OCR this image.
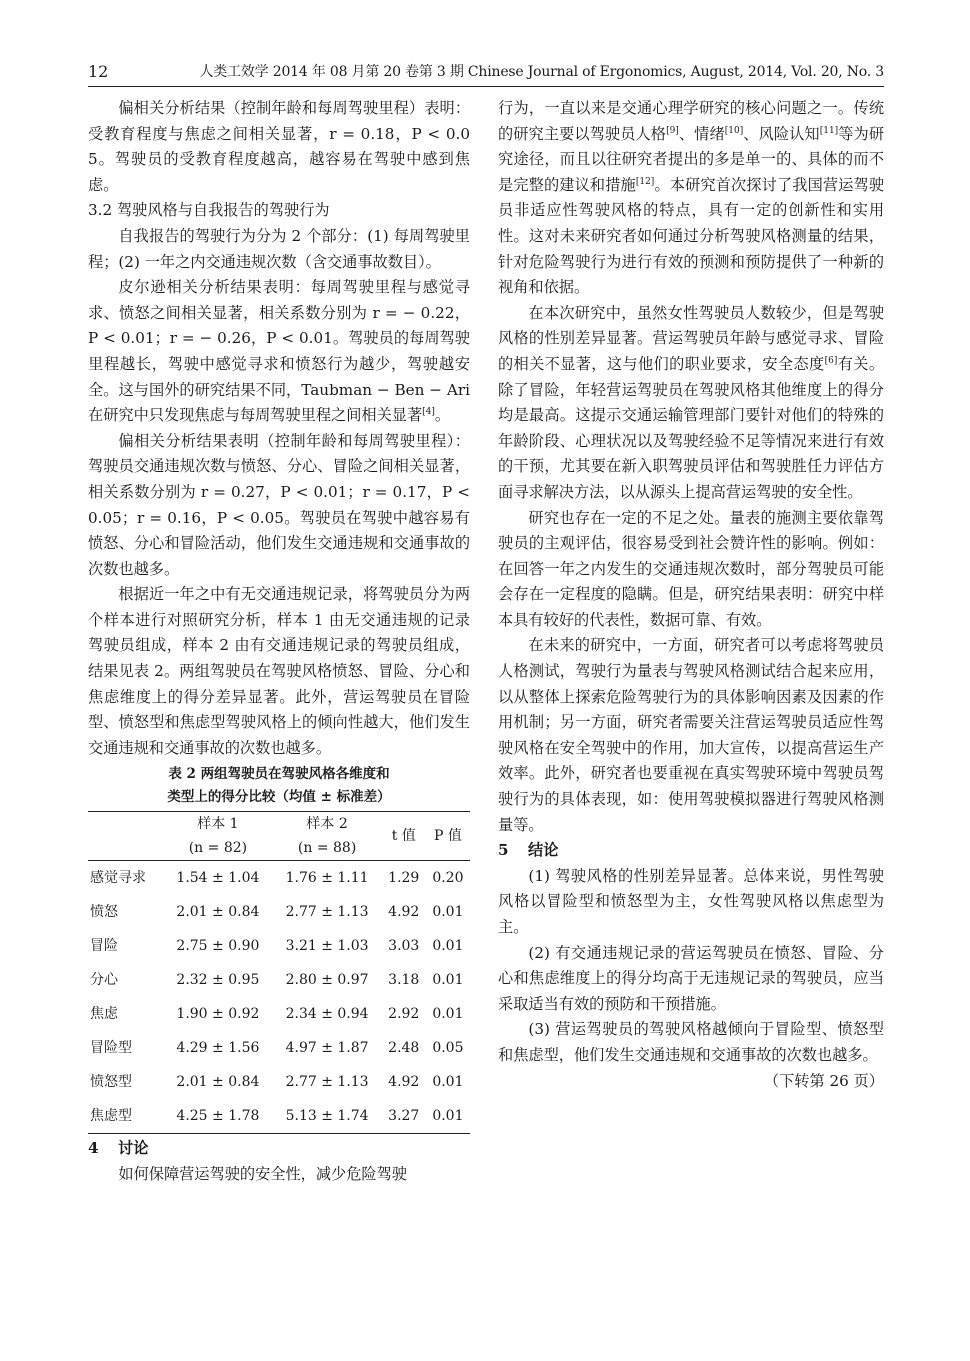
12	人类工效学 2014 年 08 月第 20 卷第 3 期 Chinese Journal of Ergonomics, August, 2014, Vol. 20, No. 3

偏相关分析结果（控制年龄和每周驾驶里程）表明：受教育程度与焦虑之间相关显著，r = 0.18，P < 0.05。驾驶员的受教育程度越高，越容易在驾驶中感到焦虑。

3.2 驾驶风格与自我报告的驾驶行为

自我报告的驾驶行为分为 2 个部分：(1) 每周驾驶里程；(2) 一年之内交通违规次数（含交通事故数目）。

皮尔逊相关分析结果表明：每周驾驶里程与感觉寻求、愤怒之间相关显著，相关系数分别为 r = − 0.22，P < 0.01；r = − 0.26，P < 0.01。驾驶员的每周驾驶里程越长，驾驶中感觉寻求和愤怒行为越少，驾驶越安全。这与国外的研究结果不同，Taubman − Ben − Ari 在研究中只发现焦虑与每周驾驶里程之间相关显著[4]。

偏相关分析结果表明（控制年龄和每周驾驶里程）：驾驶员交通违规次数与愤怒、分心、冒险之间相关显著，相关系数分别为 r = 0.27，P < 0.01；r = 0.17，P < 0.05；r = 0.16，P < 0.05。驾驶员在驾驶中越容易有愤怒、分心和冒险活动，他们发生交通违规和交通事故的次数也越多。

根据近一年之中有无交通违规记录，将驾驶员分为两个样本进行对照研究分析，样本 1 由无交通违规的记录驾驶员组成，样本 2 由有交通违规记录的驾驶员组成，结果见表 2。两组驾驶员在驾驶风格愤怒、冒险、分心和焦虑维度上的得分差异显著。此外，营运驾驶员在冒险型、愤怒型和焦虑型驾驶风格上的倾向性越大，他们发生交通违规和交通事故的次数也越多。

表 2 两组驾驶员在驾驶风格各维度和
类型上的得分比较（均值 ± 标准差）
	样本 1	样本 2	t 值	P 值
	(n = 82)	(n = 88)		
感觉寻求	1.54 ± 1.04	1.76 ± 1.11	1.29	0.20
愤怒	2.01 ± 0.84	2.77 ± 1.13	4.92	0.01
冒险	2.75 ± 0.90	3.21 ± 1.03	3.03	0.01
分心	2.32 ± 0.95	2.80 ± 0.97	3.18	0.01
焦虑	1.90 ± 0.92	2.34 ± 0.94	2.92	0.01
冒险型	4.29 ± 1.56	4.97 ± 1.87	2.48	0.05
愤怒型	2.01 ± 0.84	2.77 ± 1.13	4.92	0.01
焦虑型	4.25 ± 1.78	5.13 ± 1.74	3.27	0.01
4 讨论

如何保障营运驾驶的安全性，减少危险驾驶

行为，一直以来是交通心理学研究的核心问题之一。传统的研究主要以驾驶员人格[9]、情绪[10]、风险认知[11]等为研究途径，而且以往研究者提出的多是单一的、具体的而不是完整的建议和措施[12]。本研究首次探讨了我国营运驾驶员非适应性驾驶风格的特点，具有一定的创新性和实用性。这对未来研究者如何通过分析驾驶风格测量的结果，针对危险驾驶行为进行有效的预测和预防提供了一种新的视角和依据。

在本次研究中，虽然女性驾驶员人数较少，但是驾驶风格的性别差异显著。营运驾驶员年龄与感觉寻求、冒险的相关不显著，这与他们的职业要求，安全态度[6]有关。除了冒险，年轻营运驾驶员在驾驶风格其他维度上的得分均是最高。这提示交通运输管理部门要针对他们的特殊的年龄阶段、心理状况以及驾驶经验不足等情况来进行有效的干预，尤其要在新入职驾驶员评估和驾驶胜任力评估方面寻求解决方法，以从源头上提高营运驾驶的安全性。

研究也存在一定的不足之处。量表的施测主要依靠驾驶员的主观评估，很容易受到社会赞许性的影响。例如：在回答一年之内发生的交通违规次数时，部分驾驶员可能会存在一定程度的隐瞒。但是，研究结果表明：研究中样本具有较好的代表性，数据可靠、有效。

在未来的研究中，一方面，研究者可以考虑将驾驶员人格测试，驾驶行为量表与驾驶风格测试结合起来应用，以从整体上探索危险驾驶行为的具体影响因素及因素的作用机制；另一方面，研究者需要关注营运驾驶员适应性驾驶风格在安全驾驶中的作用，加大宣传，以提高营运生产效率。此外，研究者也要重视在真实驾驶环境中驾驶员驾驶行为的具体表现，如：使用驾驶模拟器进行驾驶风格测量等。

5 结论

(1) 驾驶风格的性别差异显著。总体来说，男性驾驶风格以冒险型和愤怒型为主，女性驾驶风格以焦虑型为主。

(2) 有交通违规记录的营运驾驶员在愤怒、冒险、分心和焦虑维度上的得分均高于无违规记录的驾驶员，应当采取适当有效的预防和干预措施。

(3) 营运驾驶员的驾驶风格越倾向于冒险型、愤怒型和焦虑型，他们发生交通违规和交通事故的次数也越多。

（下转第 26 页）
